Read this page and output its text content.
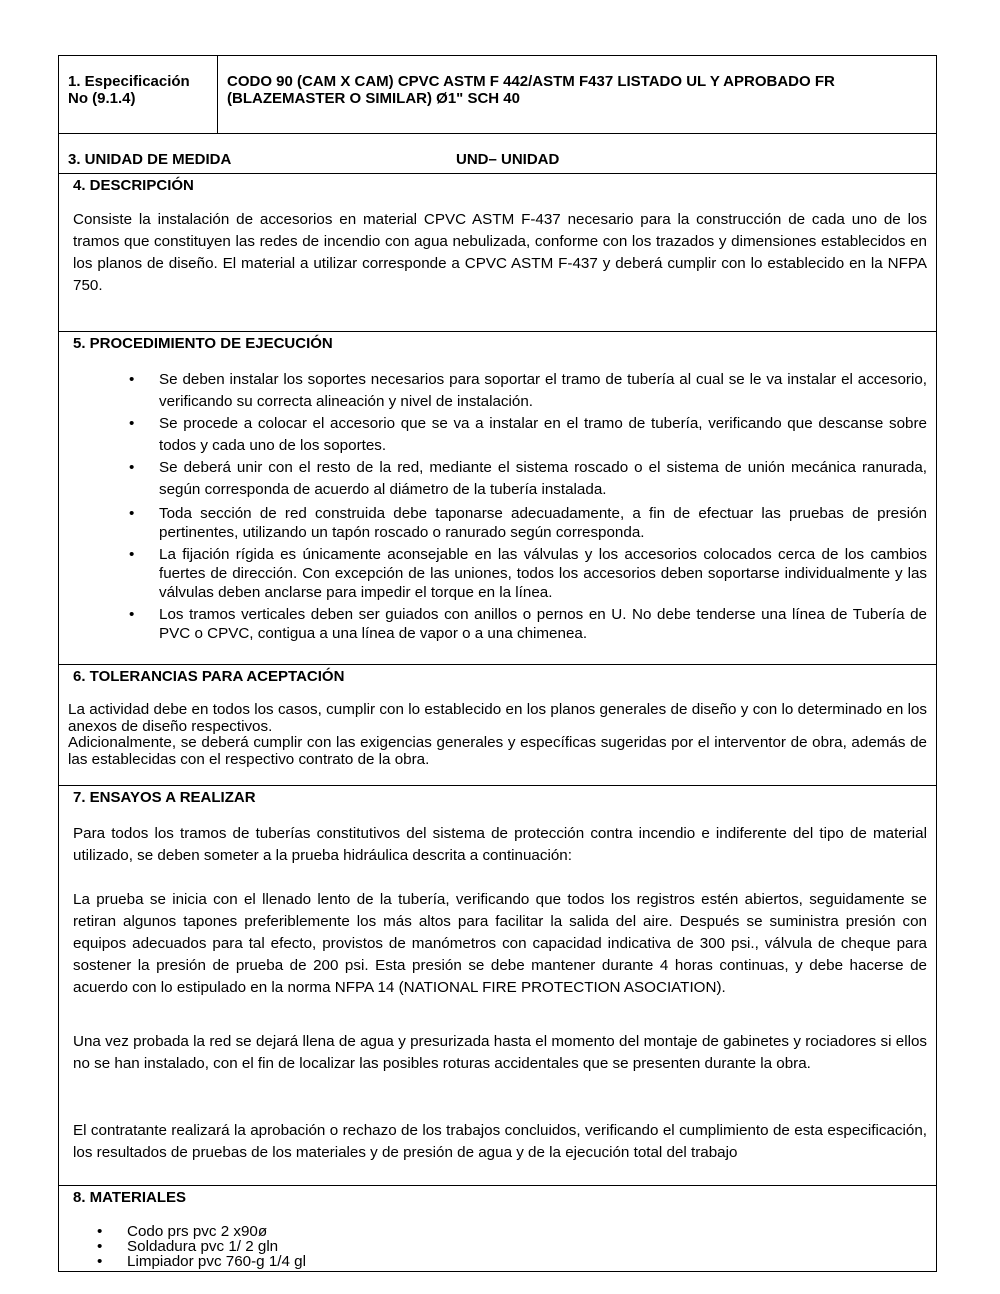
1. Especificación
No (9.1.4)
CODO 90 (CAM X CAM) CPVC ASTM F 442/ASTM F437 LISTADO UL Y APROBADO FR (BLAZEMASTER O SIMILAR) Ø1" SCH 40
3. UNIDAD DE MEDIDA	UND– UNIDAD
4. DESCRIPCIÓN
Consiste la instalación de accesorios en material CPVC ASTM F-437 necesario para la construcción de cada uno de los tramos que constituyen las redes de incendio con agua nebulizada, conforme con los trazados y dimensiones establecidos en los planos de diseño. El material a utilizar corresponde a CPVC ASTM F-437 y deberá cumplir con lo establecido en la NFPA 750.
5. PROCEDIMIENTO DE EJECUCIÓN
• Se deben instalar los soportes necesarios para soportar el tramo de tubería al cual se le va instalar el accesorio, verificando su correcta alineación y nivel de instalación.
• Se procede a colocar el accesorio que se va a instalar en el tramo de tubería, verificando que descanse sobre todos y cada uno de los soportes.
• Se deberá unir con el resto de la red, mediante el sistema roscado o el sistema de unión mecánica ranurada, según corresponda de acuerdo al diámetro de la tubería instalada.
• Toda sección de red construida debe taponarse adecuadamente, a fin de efectuar las pruebas de presión pertinentes, utilizando un tapón roscado o ranurado según corresponda.
• La fijación rígida es únicamente aconsejable en las válvulas y los accesorios colocados cerca de los cambios fuertes de dirección. Con excepción de las uniones, todos los accesorios deben soportarse individualmente y las válvulas deben anclarse para impedir el torque en la línea.
• Los tramos verticales deben ser guiados con anillos o pernos en U. No debe tenderse una línea de Tubería de PVC o CPVC, contigua a una línea de vapor o a una chimenea.
6. TOLERANCIAS PARA ACEPTACIÓN
La actividad debe en todos los casos, cumplir con lo establecido en los planos generales de diseño y con lo determinado en los anexos de diseño respectivos.
Adicionalmente, se deberá cumplir con las exigencias generales y específicas sugeridas por el interventor de obra, además de las establecidas con el respectivo contrato de la obra.
7. ENSAYOS A REALIZAR
Para todos los tramos de tuberías constitutivos del sistema de protección contra incendio e indiferente del tipo de material utilizado, se deben someter a la prueba hidráulica descrita a continuación:
La prueba se inicia con el llenado lento de la tubería, verificando que todos los registros estén abiertos, seguidamente se retiran algunos tapones preferiblemente los más altos para facilitar la salida del aire. Después se suministra presión con equipos adecuados para tal efecto, provistos de manómetros con capacidad indicativa de 300 psi., válvula de cheque para sostener la presión de prueba de 200 psi. Esta presión se debe mantener durante 4 horas continuas, y debe hacerse de acuerdo con lo estipulado en la norma NFPA 14 (NATIONAL FIRE PROTECTION ASOCIATION).
Una vez probada la red se dejará llena de agua y presurizada hasta el momento del montaje de gabinetes y rociadores si ellos no se han instalado, con el fin de localizar las posibles roturas accidentales que se presenten durante la obra.
El contratante realizará la aprobación o rechazo de los trabajos concluidos, verificando el cumplimiento de esta especificación, los resultados de pruebas de los materiales y de presión de agua y de la ejecución total del trabajo
8. MATERIALES
• Codo prs pvc 2 x90ø
• Soldadura pvc 1/ 2 gln
• Limpiador pvc 760-g 1/4 gl
